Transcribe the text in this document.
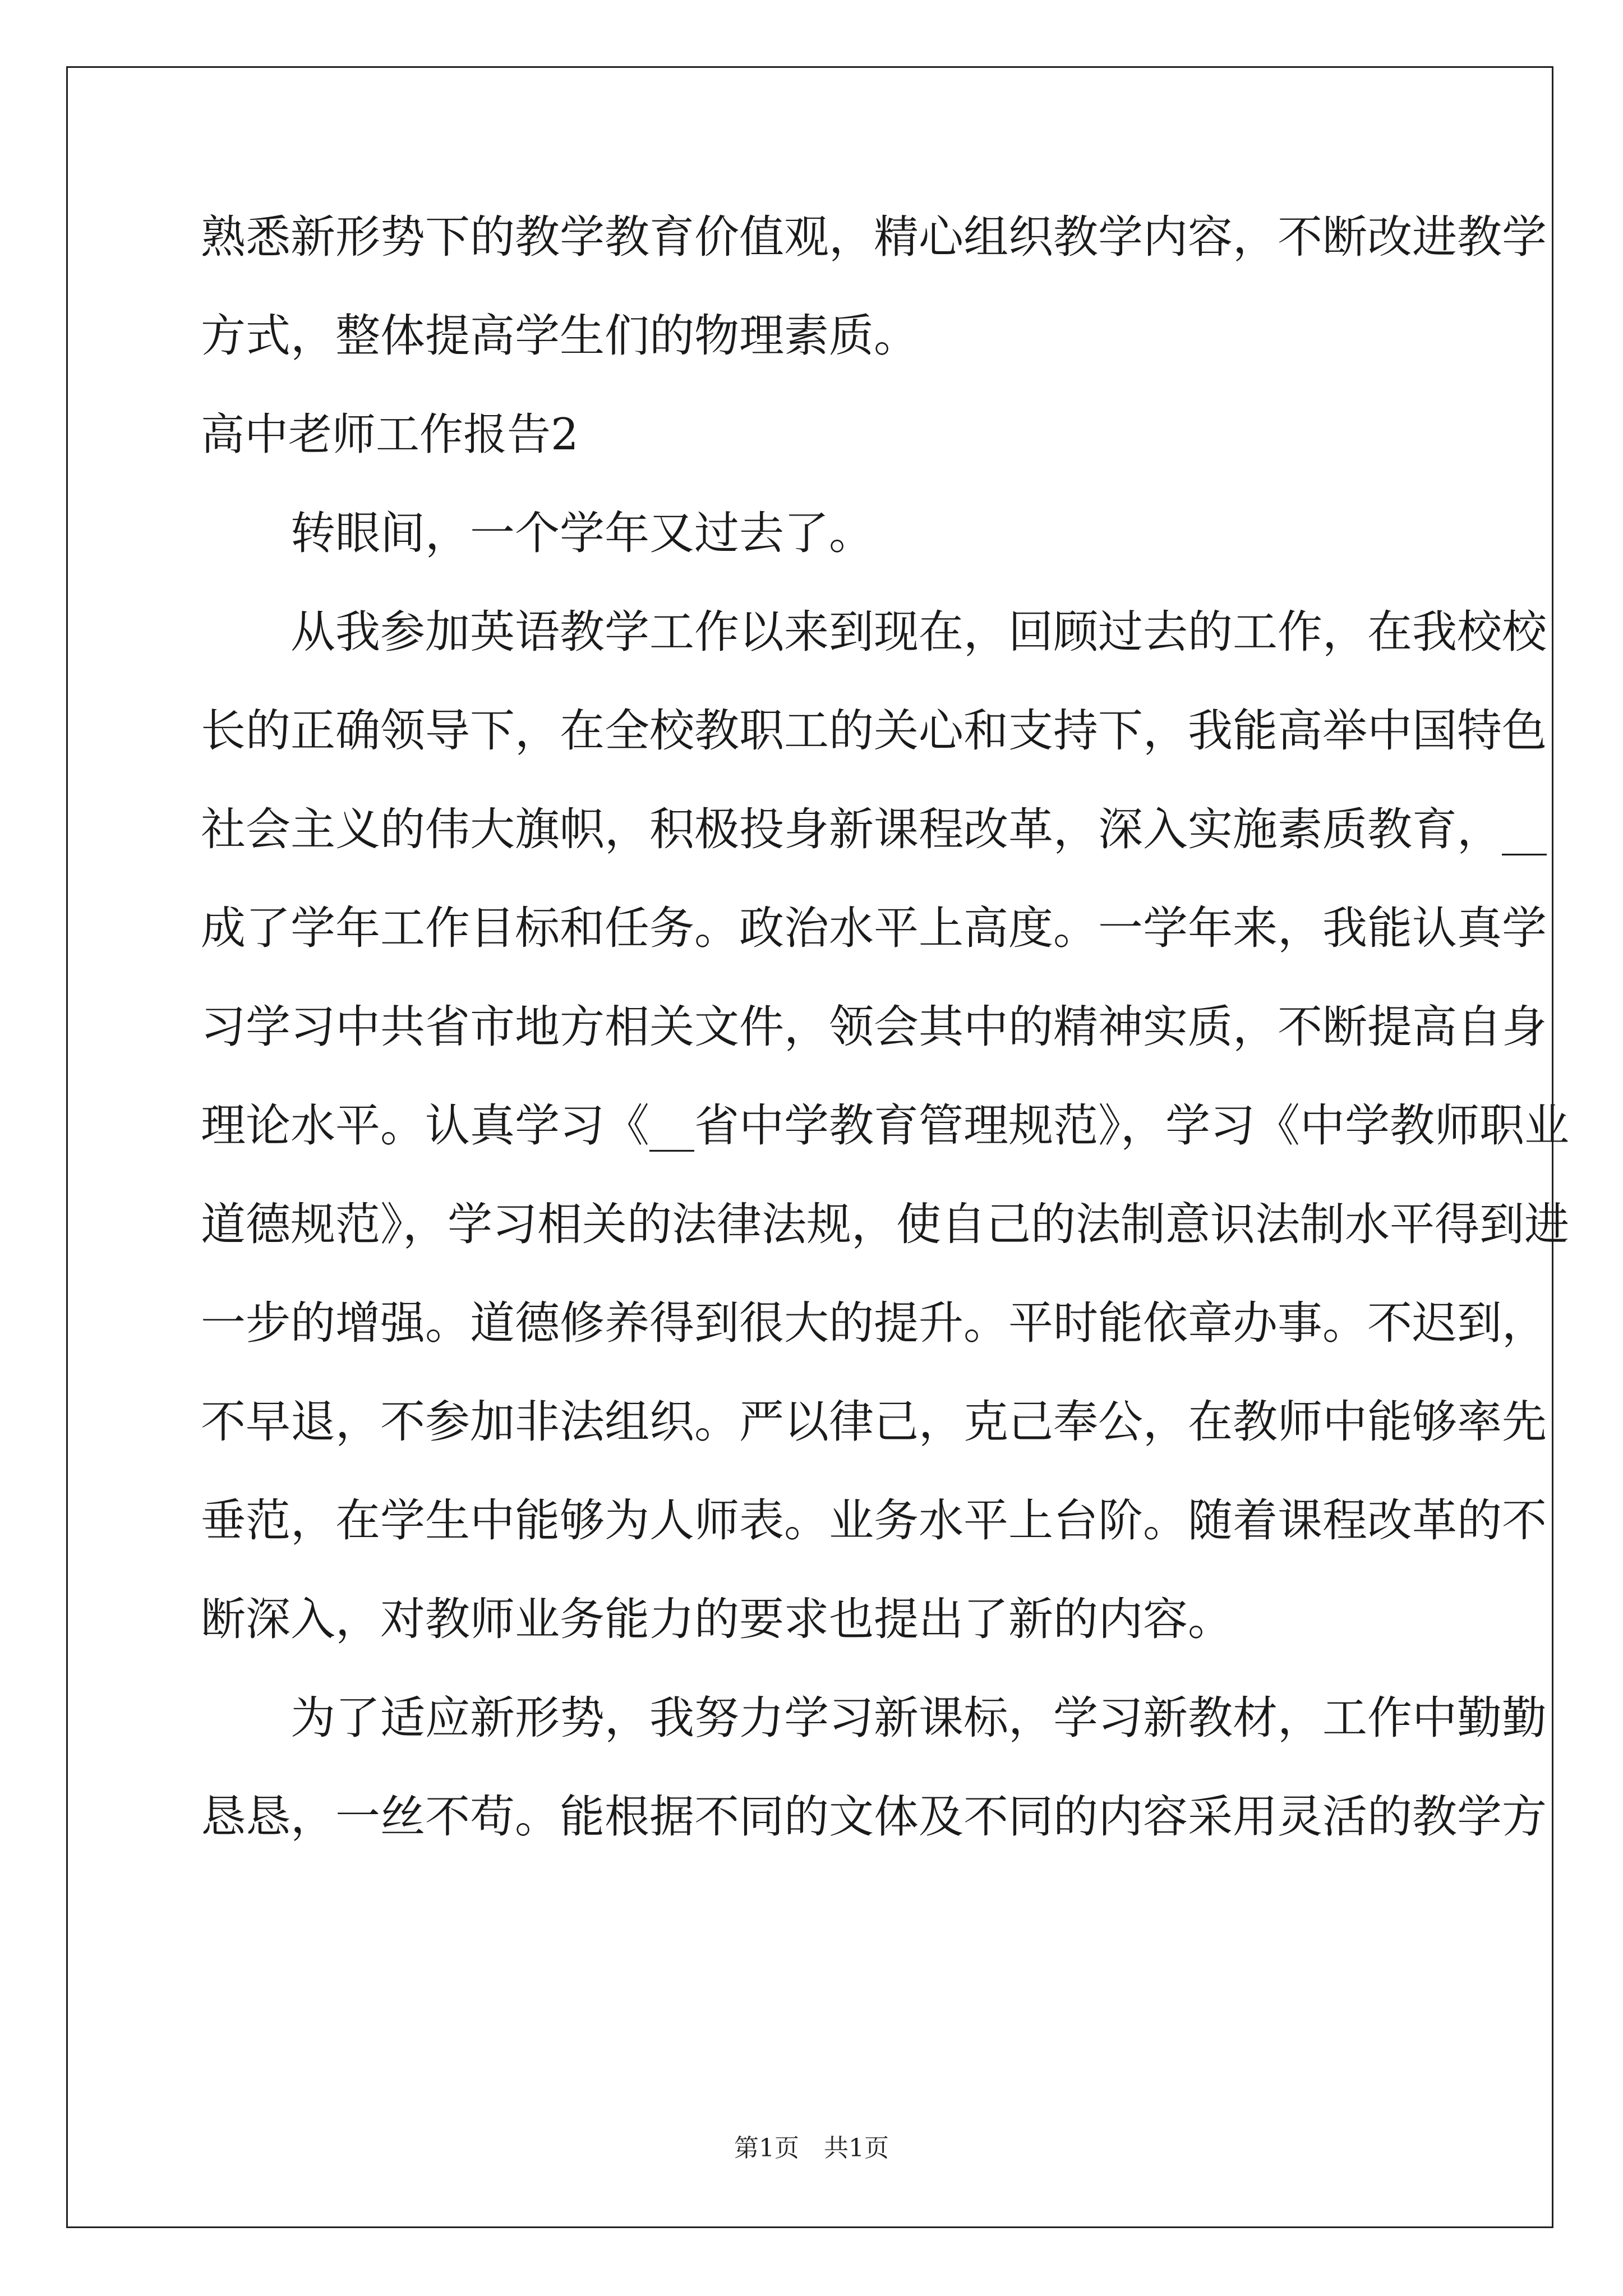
熟悉新形势下的教学教育价值观，精心组织教学内容，不断改进教学
方式，整体提高学生们的物理素质。
高中老师工作报告2
　　转眼间，一个学年又过去了。
　　从我参加英语教学工作以来到现在，回顾过去的工作，在我校校
长的正确领导下，在全校教职工的关心和支持下，我能高举中国特色
社会主义的伟大旗帜，积极投身新课程改革，深入实施素质教育，__
成了学年工作目标和任务。政治水平上高度。一学年来，我能认真学
习学习中共省市地方相关文件，领会其中的精神实质，不断提高自身
理论水平。认真学习《__省中学教育管理规范》，学习《中学教师职业
道德规范》，学习相关的法律法规，使自己的法制意识法制水平得到进
一步的增强。道德修养得到很大的提升。平时能依章办事。不迟到，
不早退，不参加非法组织。严以律己，克己奉公，在教师中能够率先
垂范，在学生中能够为人师表。业务水平上台阶。随着课程改革的不
断深入，对教师业务能力的要求也提出了新的内容。
　　为了适应新形势，我努力学习新课标，学习新教材，工作中勤勤
恳恳，一丝不苟。能根据不同的文体及不同的内容采用灵活的教学方
第1页　共1页
